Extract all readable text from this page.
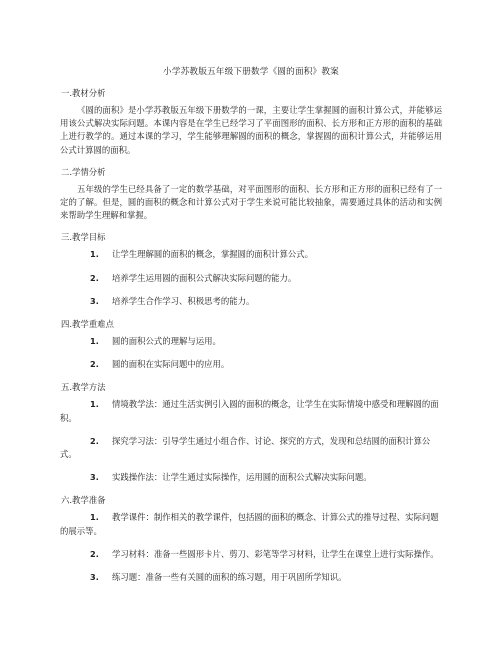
小学苏教版五年级下册数学《圆的面积》教案
一.教材分析
《圆的面积》是小学苏教版五年级下册数学的一课，主要让学生掌握圆的面积计算公式，并能够运用该公式解决实际问题。本课内容是在学生已经学习了平面图形的面积、长方形和正方形的面积的基础上进行教学的。通过本课的学习，学生能够理解圆的面积的概念，掌握圆的面积计算公式，并能够运用公式计算圆的面积。
二.学情分析
五年级的学生已经具备了一定的数学基础，对平面图形的面积、长方形和正方形的面积已经有了一定的了解。但是，圆的面积的概念和计算公式对于学生来说可能比较抽象，需要通过具体的活动和实例来帮助学生理解和掌握。
三.教学目标
1. 让学生理解圆的面积的概念，掌握圆的面积计算公式。
2. 培养学生运用圆的面积公式解决实际问题的能力。
3. 培养学生合作学习、积极思考的能力。
四.教学重难点
1. 圆的面积公式的理解与运用。
2. 圆的面积在实际问题中的应用。
五.教学方法
1. 情境教学法：通过生活实例引入圆的面积的概念，让学生在实际情境中感受和理解圆的面积。
2. 探究学习法：引导学生通过小组合作、讨论、探究的方式，发现和总结圆的面积计算公式。
3. 实践操作法：让学生通过实际操作，运用圆的面积公式解决实际问题。
六.教学准备
1. 教学课件：制作相关的教学课件，包括圆的面积的概念、计算公式的推导过程、实际问题的展示等。
2. 学习材料：准备一些圆形卡片、剪刀、彩笔等学习材料，让学生在课堂上进行实际操作。
3. 练习题：准备一些有关圆的面积的练习题，用于巩固所学知识。
